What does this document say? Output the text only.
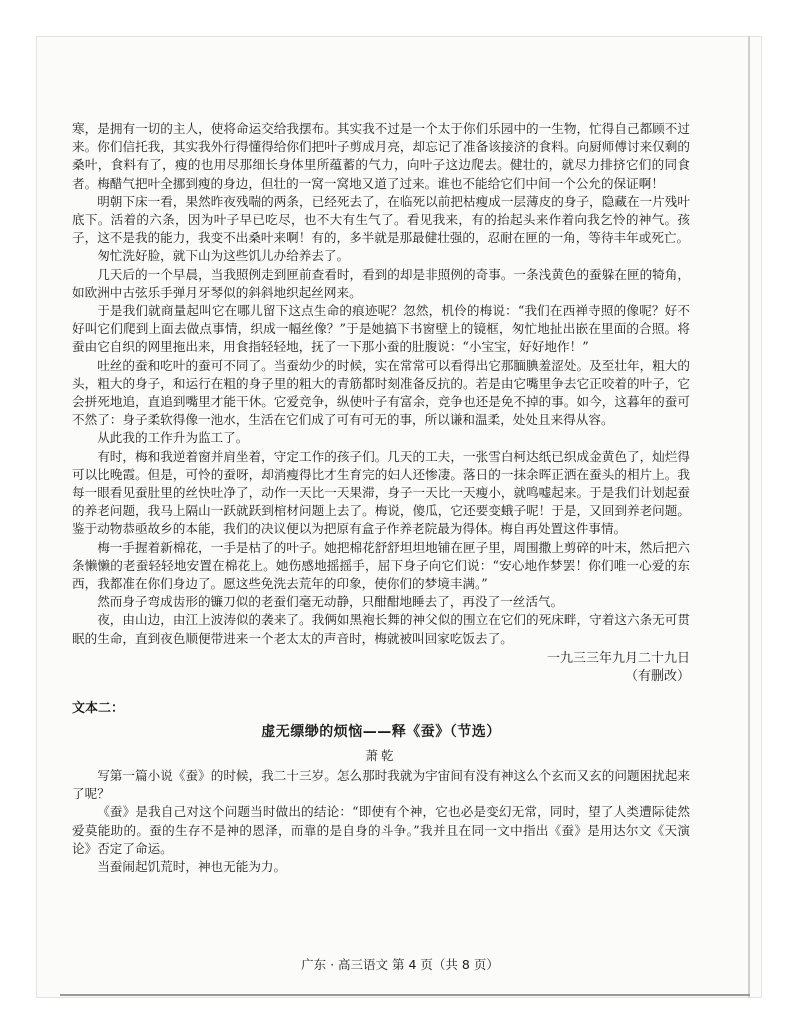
寒，是拥有一切的主人，使将命运交给我摆布。其实我不过是一个太于你们乐园中的一生物，忙得自己都顾不过来。你们信托我，其实我外行得懂得给你们把叶子剪成月亮，却忘记了准备该接济的食料。向厨师傅讨来仅剩的桑叶，食料有了，瘦的也用尽那细长身体里所蕴蓄的气力，向叶子这边爬去。健壮的，就尽力排挤它们的同食者。梅醋气把叶全挪到瘦的身边，但壮的一窝一窝地又道了过来。谁也不能给它们中间一个公允的保证啊！

明朝下床一看，果然昨夜残喘的两条，已经死去了，在临死以前把枯瘦成一层薄皮的身子，隐藏在一片残叶底下。活着的六条，因为叶子早已吃尽，也不大有生气了。看见我来，有的抬起头来作着向我乞怜的神气。孩子，这不是我的能力，我变不出桑叶来啊！有的，多半就是那最健壮强的，忍耐在匣的一角，等待丰年或死亡。

匆忙洗好脸，就下山为这些饥儿办给养去了。

几天后的一个早晨，当我照例走到匣前查看时，看到的却是非照例的奇事。一条浅黄色的蚕躲在匣的犄角，如欧洲中古弦乐手弹月牙琴似的斜斜地织起丝网来。

于是我们就商量起叫它在哪儿留下这点生命的痕迹呢？忽然，机伶的梅说：“我们在西禅寺照的像呢？好不好叫它们爬到上面去做点事情，织成一幅丝像？”于是她搞下书窗壁上的镜框，匆忙地扯出嵌在里面的合照。将蚕由它自织的网里拖出来，用食指轻轻地，抚了一下那小蚕的肚腹说：“小宝宝，好好地作！”

吐丝的蚕和吃叶的蚕可不同了。当蚕幼少的时候，实在常常可以看得出它那腼腆羞涩处。及至壮年，粗大的头，粗大的身子，和运行在粗的身子里的粗大的青筋都时刻准备反抗的。若是由它嘴里争去它正咬着的叶子，它会拼死地追，直追到嘴里才能干休。它爱竞争，纵使叶子有富余，竞争也还是免不掉的事。如今，这暮年的蚕可不然了：身子柔软得像一池水，生活在它们成了可有可无的事，所以谦和温柔，处处且来得从容。

从此我的工作升为监工了。

有时，梅和我逆着窗并肩坐着，守定工作的孩子们。几天的工夫，一张雪白柯达纸已织成金黄色了，灿烂得可以比晚霞。但是，可怜的蚕呀，却消瘦得比才生育完的妇人还惨凄。落日的一抹余晖正洒在蚕头的相片上。我每一眼看见蚕肚里的丝快吐净了，动作一天比一天果滞，身子一天比一天瘦小，就鸣嘘起来。于是我们计划起蚕的养老问题，我马上隔山一跃就跃到棺材问题上去了。梅说，傻瓜，它还要变蛾子呢！于是，又回到养老问题。鉴于动物恭亟故乡的本能，我们的决议便以为把原有盒子作养老院最为得体。梅自再处置这件事情。

梅一手握着新棉花，一手是枯了的叶子。她把棉花舒舒坦坦地铺在匣子里，周围撒上剪碎的叶末，然后把六条懒懒的老蚕轻轻地安置在棉花上。她伤感地摇摇手，屈下身子向它们说：“安心地作梦罢！你们唯一心爱的东西，我都准在你们身边了。愿这些免洗去荒年的印象，使你们的梦境丰满。”

然而身子弯成齿形的镰刀似的老蚕们毫无动静，只酣酣地睡去了，再没了一丝活气。

夜，由山边，由江上波涛似的袭来了。我俩如黑袍长舞的神父似的围立在它们的死床畔，守着这六条无可贯眠的生命，直到夜色顺便带进来一个老太太的声音时，梅就被叫回家吃饭去了。

一九三三年九月二十九日

（有删改）

文本二：

虚无缥缈的烦恼——释《蚕》（节选）

萧乾

写第一篇小说《蚕》的时候，我二十三岁。怎么那时我就为宇宙间有没有神这么个玄而又玄的问题困扰起来了呢？

《蚕》是我自己对这个问题当时做出的结论：“即使有个神，它也必是变幻无常，同时，望了人类遭际徒然爱莫能助的。蚕的生存不是神的恩泽，而靠的是自身的斗争。”我并且在同一文中指出《蚕》是用达尔文《天演论》否定了命运。

当蚕闹起饥荒时，神也无能为力。

广东 · 高三语文 第 4 页（共 8 页）
